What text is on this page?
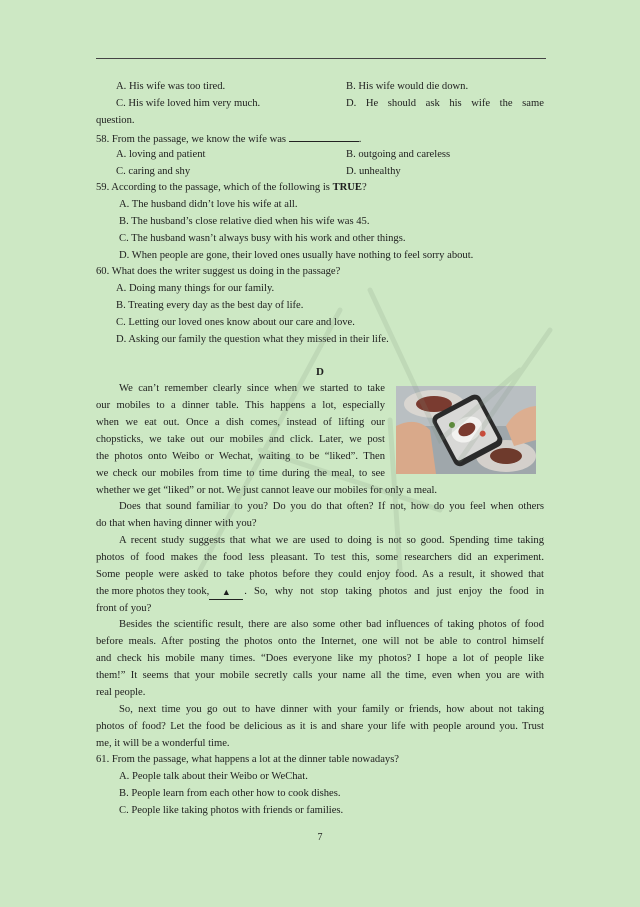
A. His wife was too tired.	B. His wife would die down.
C. His wife loved him very much.	D. He should ask his wife the same
question.
58. From the passage, we know the wife was	.
A. loving and patient	B. outgoing and careless
C. caring and shy	D. unhealthy
59. According to the passage, which of the following is TRUE?
A. The husband didn’t love his wife at all.
B. The husband’s close relative died when his wife was 45.
C. The husband wasn’t always busy with his work and other things.
D. When people are gone, their loved ones usually have nothing to feel sorry about.
60. What does the writer suggest us doing in the passage?
A. Doing many things for our family.
B. Treating every day as the best day of life.
C. Letting our loved ones know about our care and love.
D. Asking our family the question what they missed in their life.
D
We can’t remember clearly since when we started to take
our mobiles to a dinner table. This happens a lot, especially
when we eat out. Once a dish comes, instead of lifting our
chopsticks, we take out our mobiles and click. Later, we post
the photos onto Weibo or Wechat, waiting to be “liked”. Then
we check our mobiles from time to time during the meal, to see
whether we get “liked” or not. We just cannot leave our mobiles for only a meal.
Does that sound familiar to you? Do you do that often? If not, how do you feel when others
do that when having dinner with you?
A recent study suggests that what we are used to doing is not so good. Spending time taking
photos of food makes the food less pleasant. To test this, some researchers did an experiment.
Some people were asked to take photos before they could enjoy food. As a result, it showed that
the more photos they took,	▲	. So, why not stop taking photos and just enjoy the food in
front of you?
Besides the scientific result, there are also some other bad influences of taking photos of food
before meals. After posting the photos onto the Internet, one will not be able to control himself
and check his mobile many times. “Does everyone like my photos? I hope a lot of people like
them!” It seems that your mobile secretly calls your name all the time, even when you are with
real people.
So, next time you go out to have dinner with your family or friends, how about not taking
photos of food? Let the food be delicious as it is and share your life with people around you. Trust
me, it will be a wonderful time.
61. From the passage, what happens a lot at the dinner table nowadays?
A. People talk about their Weibo or WeChat.
B. People learn from each other how to cook dishes.
C. People like taking photos with friends or families.
7
